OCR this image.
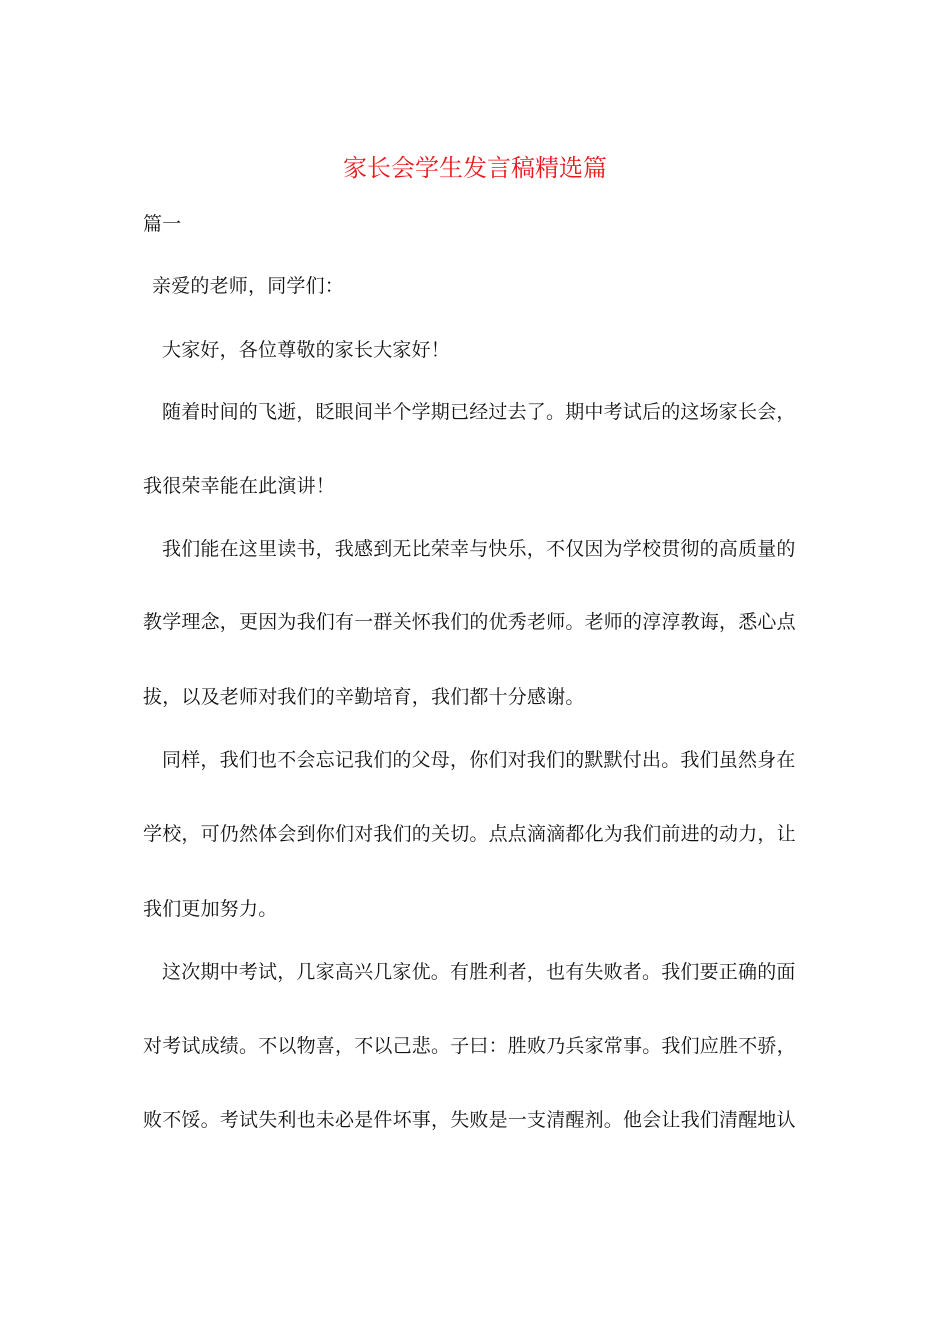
家长会学生发言稿精选篇
篇一
亲爱的老师，同学们：
大家好，各位尊敬的家长大家好！
随着时间的飞逝，眨眼间半个学期已经过去了。期中考试后的这场家长会，
我很荣幸能在此演讲！
我们能在这里读书，我感到无比荣幸与快乐，不仅因为学校贯彻的高质量的
教学理念，更因为我们有一群关怀我们的优秀老师。老师的淳淳教诲，悉心点
拔，以及老师对我们的辛勤培育，我们都十分感谢。
同样，我们也不会忘记我们的父母，你们对我们的默默付出。我们虽然身在
学校，可仍然体会到你们对我们的关切。点点滴滴都化为我们前进的动力，让
我们更加努力。
这次期中考试，几家高兴几家优。有胜利者，也有失败者。我们要正确的面
对考试成绩。不以物喜，不以己悲。子曰：胜败乃兵家常事。我们应胜不骄，
败不馁。考试失利也未必是件坏事，失败是一支清醒剂。他会让我们清醒地认
